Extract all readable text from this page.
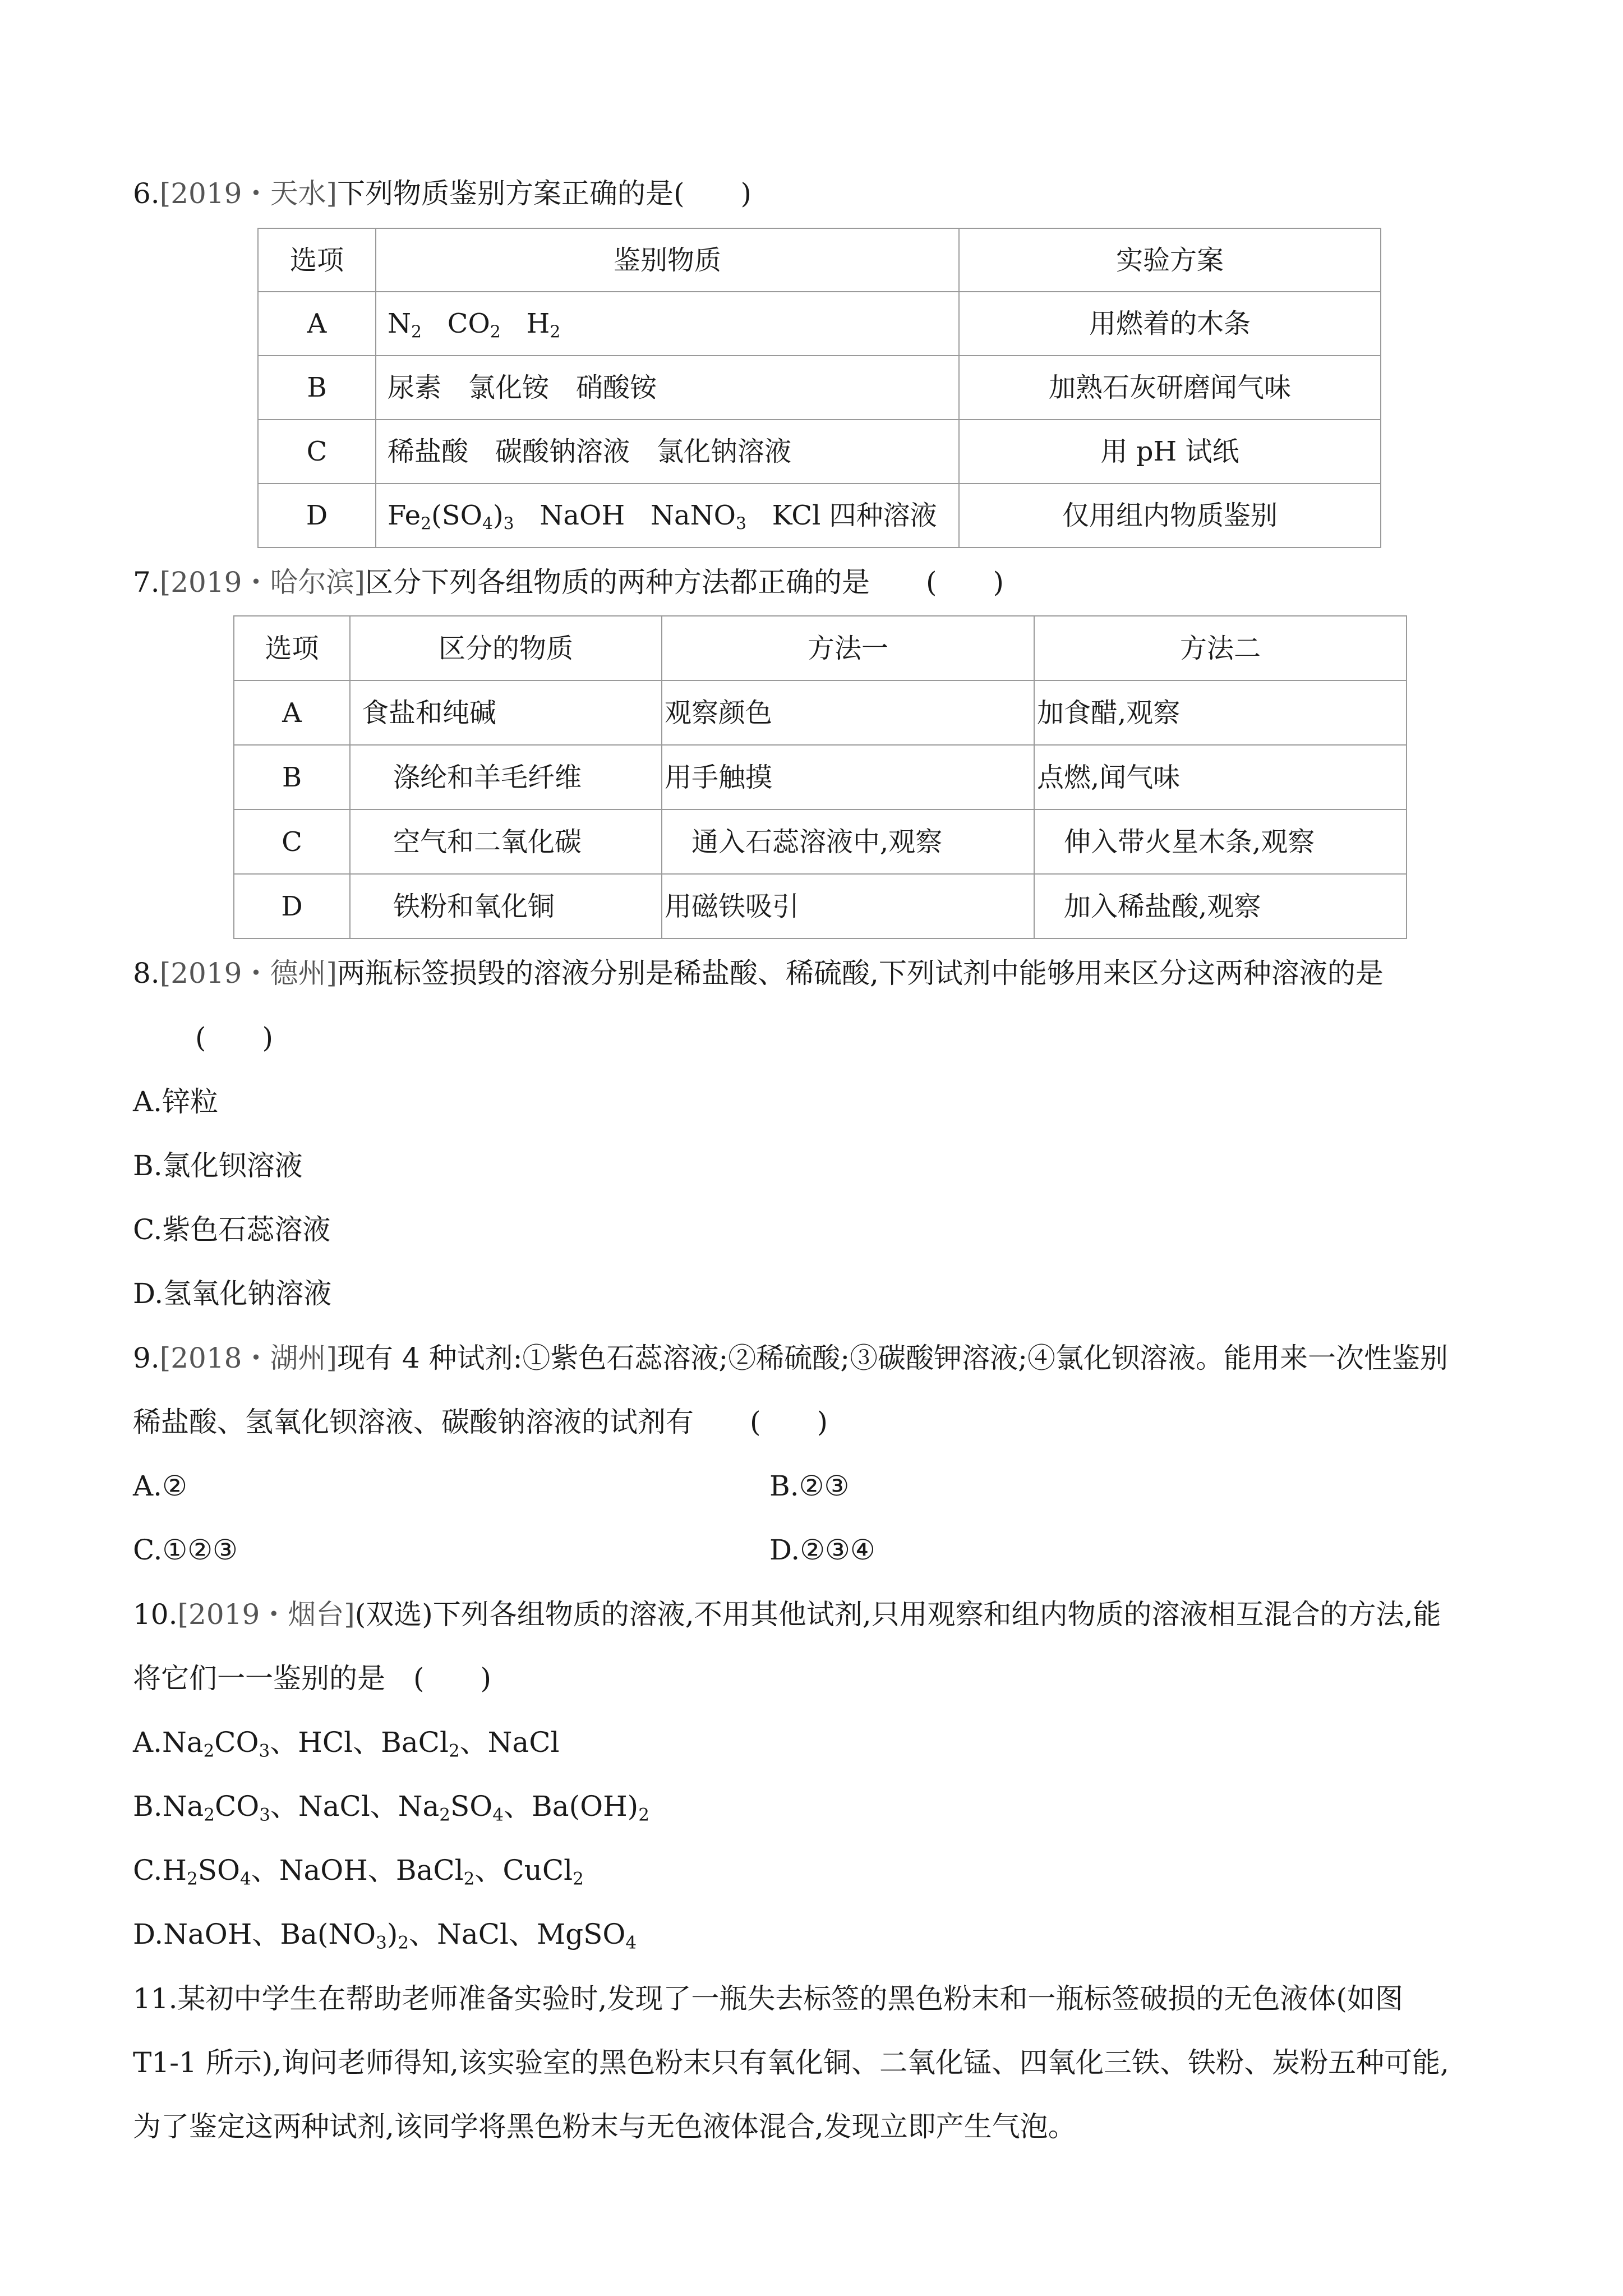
6.[2019・天水]下列物质鉴别方案正确的是(　　)
选项	鉴别物质	实验方案
A	$N_2$   $CO_2$   $H_2$	用燃着的木条
B	尿素　氯化铵　硝酸铵	加熟石灰研磨闻气味
C	稀盐酸　碳酸钠溶液　氯化钠溶液	用 pH 试纸
D	$Fe_2(SO_4)_3$   NaOH   NaNO$_3$   KCl 四种溶液	仅用组内物质鉴别
7.[2019・哈尔滨]区分下列各组物质的两种方法都正确的是　　(　　)
选项	区分的物质	方法一	方法二
A	食盐和纯碱	观察颜色	加食醋,观察
B	涤纶和羊毛纤维	用手触摸	点燃,闻气味
C	空气和二氧化碳	通入石蕊溶液中,观察	伸入带火星木条,观察
D	铁粉和氧化铜	用磁铁吸引	加入稀盐酸,观察
8.[2019・德州]两瓶标签损毁的溶液分别是稀盐酸、稀硫酸,下列试剂中能够用来区分这两种溶液的是
(　　)
A.锌粒
B.氯化钡溶液
C.紫色石蕊溶液
D.氢氧化钠溶液
9.[2018・湖州]现有 4 种试剂:①紫色石蕊溶液;②稀硫酸;③碳酸钾溶液;④氯化钡溶液。能用来一次性鉴别
稀盐酸、氢氧化钡溶液、碳酸钠溶液的试剂有　　(　　)
A.②	B.②③
C.①②③	D.②③④
10.[2019・烟台](双选)下列各组物质的溶液,不用其他试剂,只用观察和组内物质的溶液相互混合的方法,能
将它们一一鉴别的是　(　　)
$A.Na_2CO_3$、HCl、BaCl$_2$、NaCl
$B.Na_2CO_3$、NaCl、$Na_2SO_4$、$Ba(OH)_2$
$C.H_2SO_4$、NaOH、BaCl$_2$、CuCl$_2$
D.NaOH、$Ba(NO_3)_2$、NaCl、MgSO$_4$
11.某初中学生在帮助老师准备实验时,发现了一瓶失去标签的黑色粉末和一瓶标签破损的无色液体(如图
T1-1 所示),询问老师得知,该实验室的黑色粉末只有氧化铜、二氧化锰、四氧化三铁、铁粉、炭粉五种可能,
为了鉴定这两种试剂,该同学将黑色粉末与无色液体混合,发现立即产生气泡。
